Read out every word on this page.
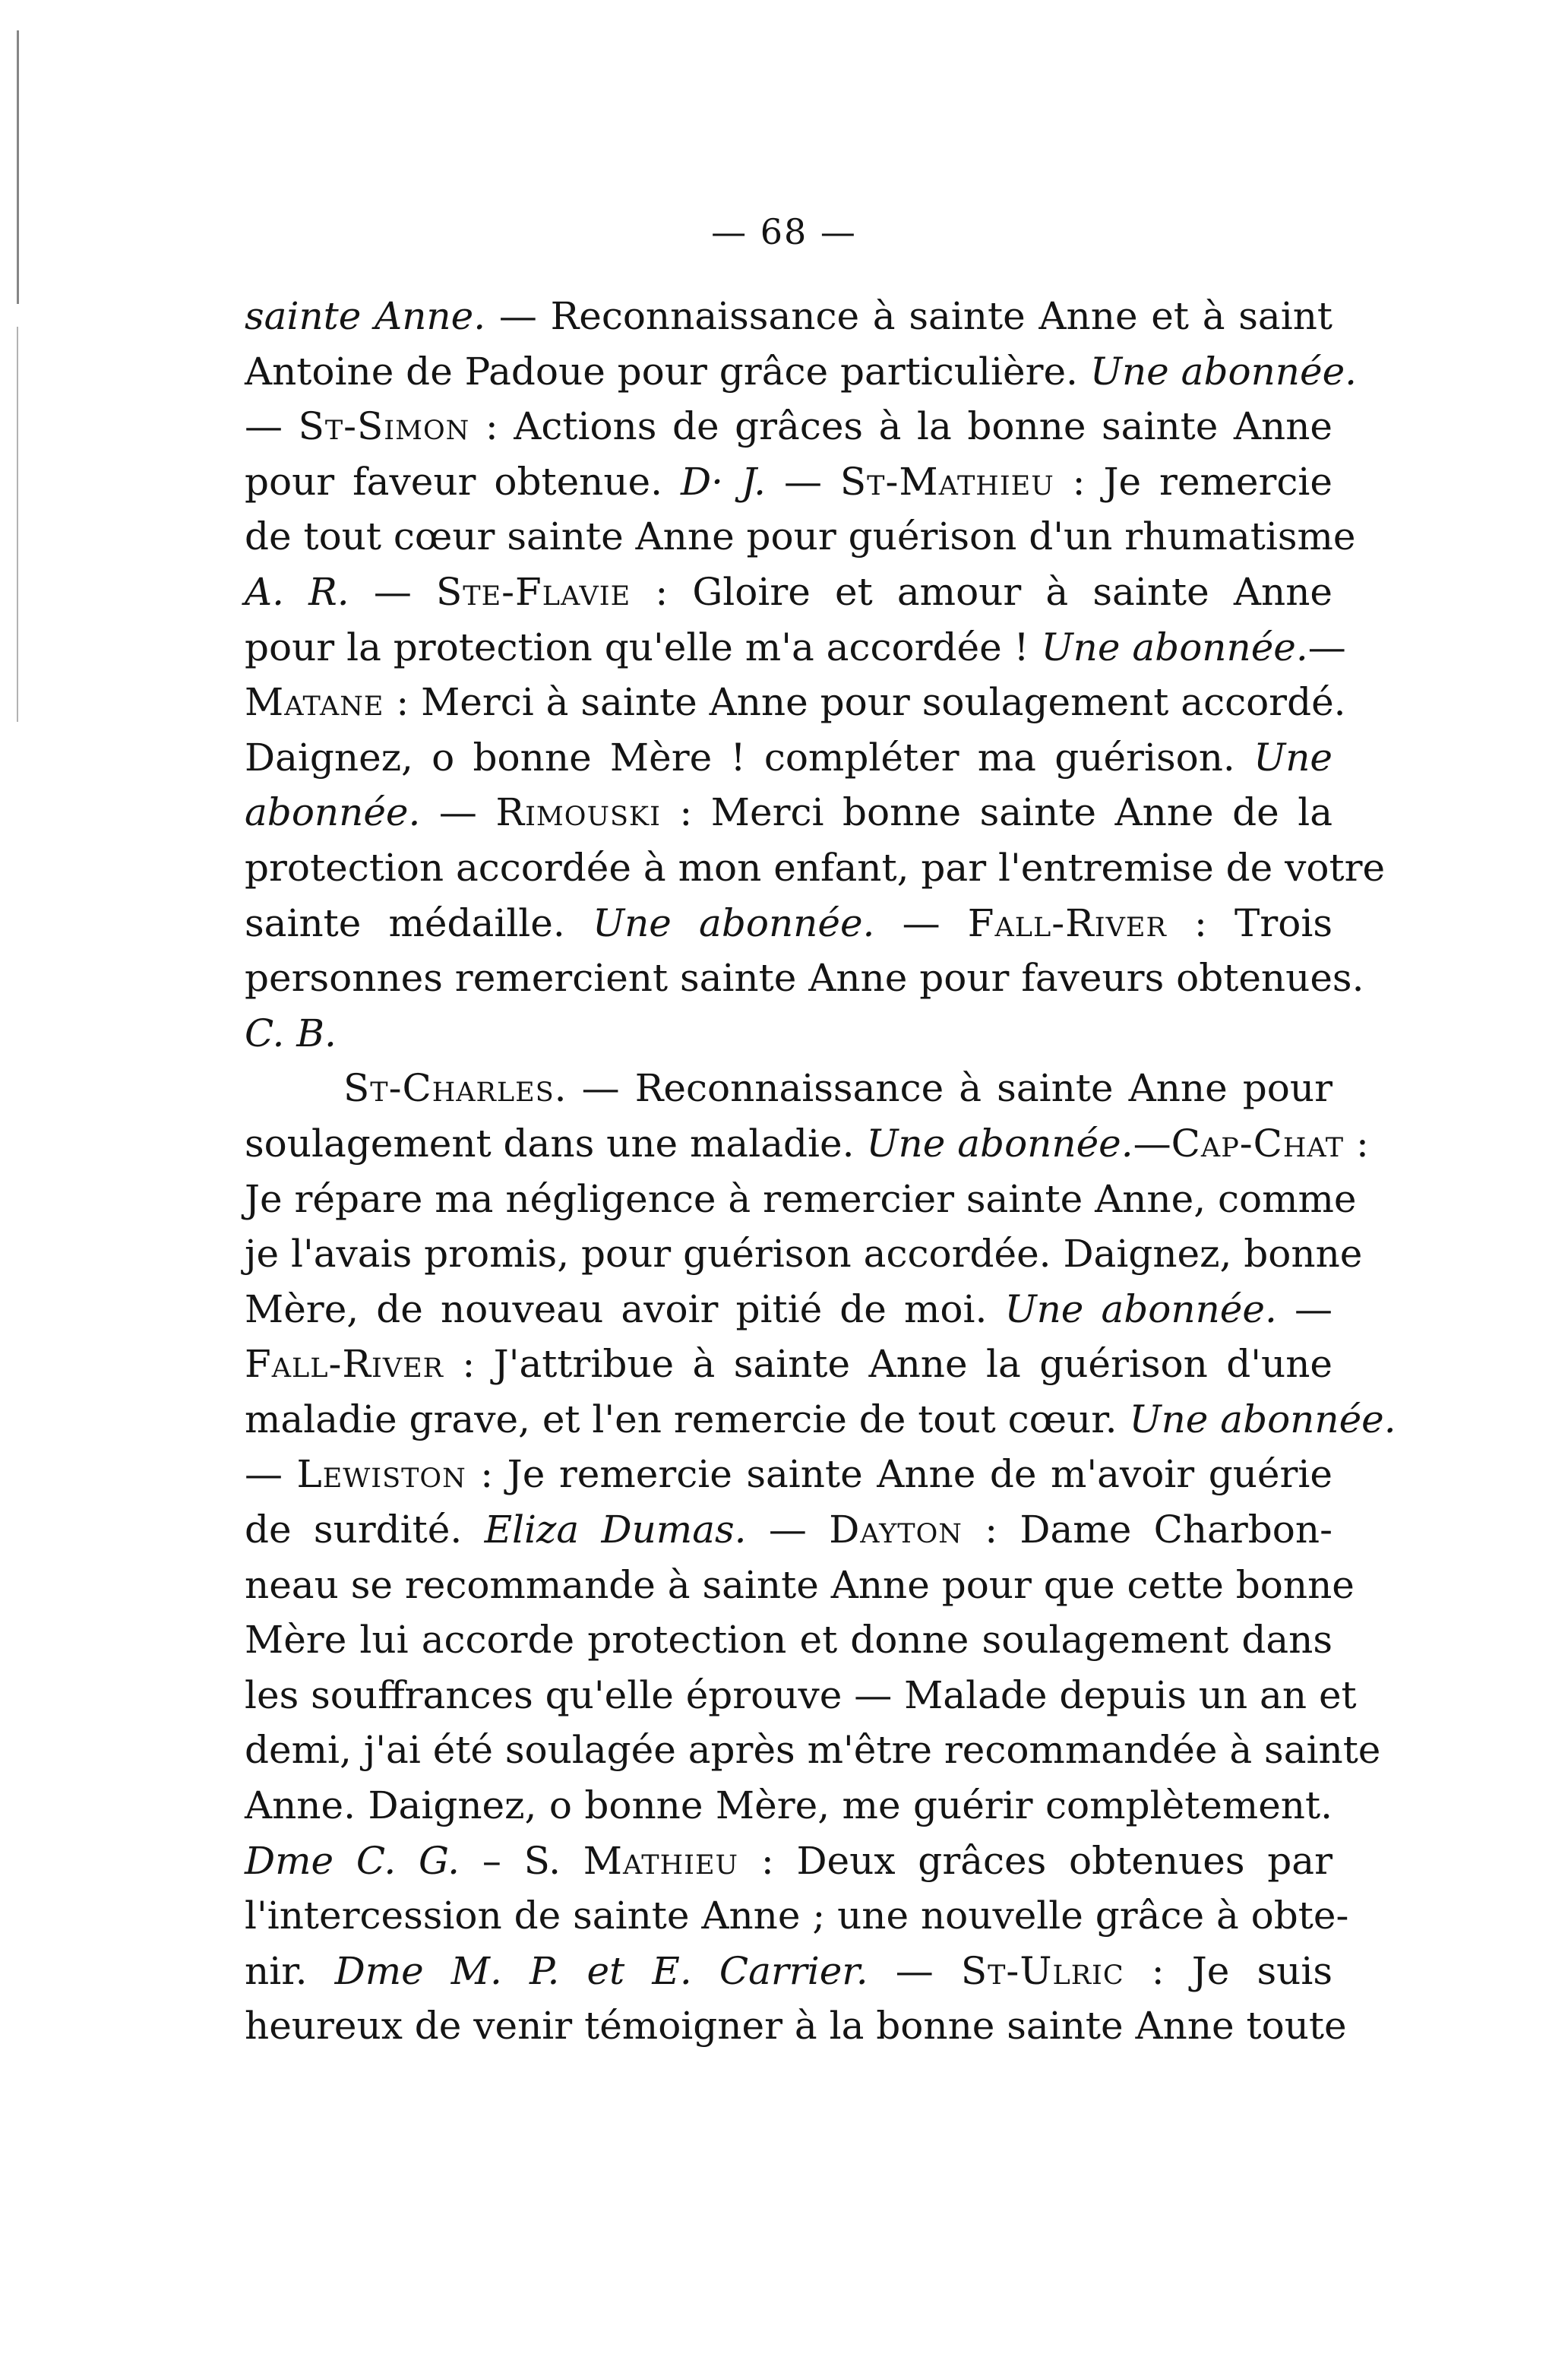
— 68 —
sainte Anne. — Reconnaissance à sainte Anne et à saint
Antoine de Padoue pour grâce particulière. Une abonnée.
— St-Simon : Actions de grâces à la bonne sainte Anne
pour faveur obtenue. D· J. — St-Mathieu : Je remercie
de tout cœur sainte Anne pour guérison d'un rhumatisme
A. R. — Ste-Flavie : Gloire et amour à sainte Anne
pour la protection qu'elle m'a accordée ! Une abonnée.—
Matane : Merci à sainte Anne pour soulagement accordé.
Daignez, o bonne Mère ! compléter ma guérison. Une
abonnée. — Rimouski : Merci bonne sainte Anne de la
protection accordée à mon enfant, par l'entremise de votre
sainte médaille. Une abonnée. — Fall-River : Trois
personnes remercient sainte Anne pour faveurs obtenues.
C. B.
St-Charles. — Reconnaissance à sainte Anne pour
soulagement dans une maladie. Une abonnée.—Cap-Chat :
Je répare ma négligence à remercier sainte Anne, comme
je l'avais promis, pour guérison accordée. Daignez, bonne
Mère, de nouveau avoir pitié de moi. Une abonnée. —
Fall-River : J'attribue à sainte Anne la guérison d'une
maladie grave, et l'en remercie de tout cœur. Une abonnée.
— Lewiston : Je remercie sainte Anne de m'avoir guérie
de surdité. Eliza Dumas. — Dayton : Dame Charbon-
neau se recommande à sainte Anne pour que cette bonne
Mère lui accorde protection et donne soulagement dans
les souffrances qu'elle éprouve — Malade depuis un an et
demi, j'ai été soulagée après m'être recommandée à sainte
Anne. Daignez, o bonne Mère, me guérir complètement.
Dme C. G. – S. Mathieu : Deux grâces obtenues par
l'intercession de sainte Anne ; une nouvelle grâce à obte-
nir. Dme M. P. et E. Carrier. — St-Ulric : Je suis
heureux de venir témoigner à la bonne sainte Anne toute
